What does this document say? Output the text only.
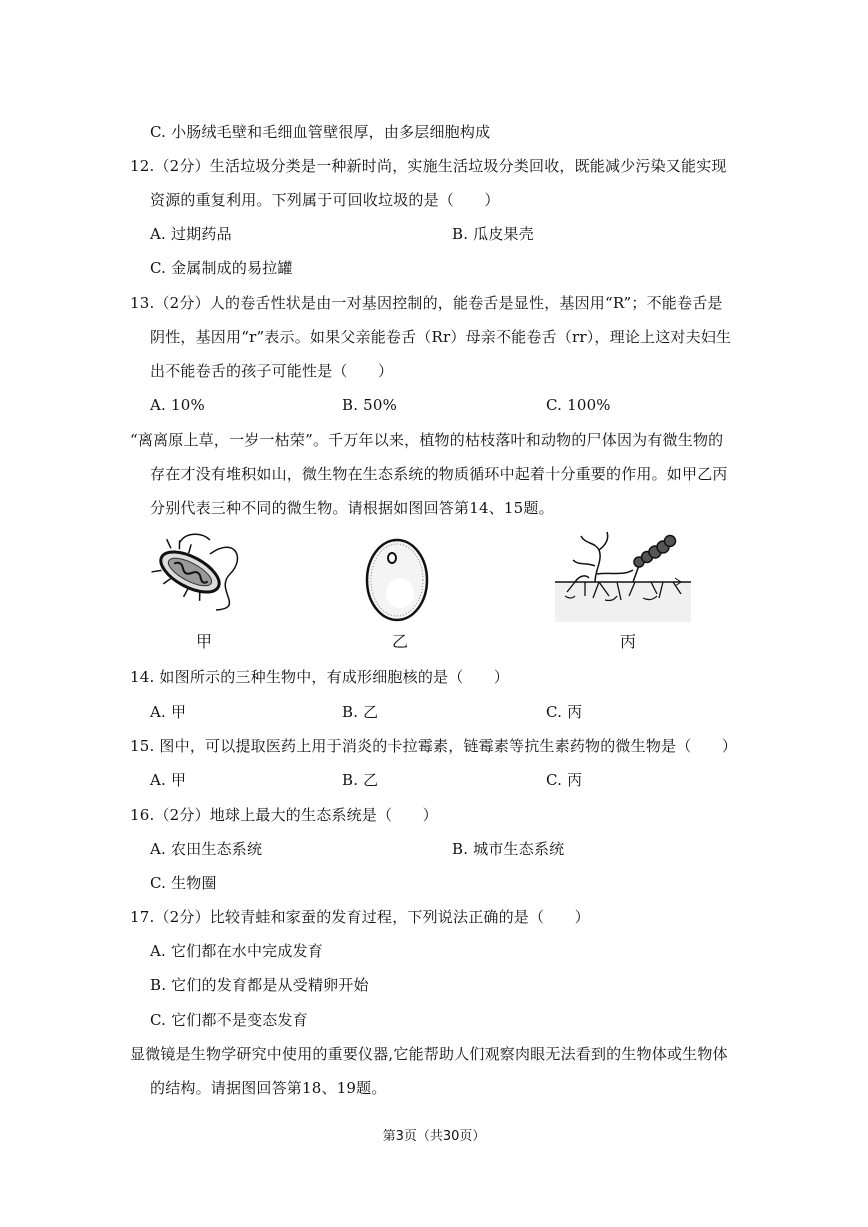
C. 小肠绒毛壁和毛细血管壁很厚，由多层细胞构成
12.（2分）生活垃圾分类是一种新时尚，实施生活垃圾分类回收，既能减少污染又能实现
资源的重复利用。下列属于可回收垃圾的是（　　）
A. 过期药品	B. 瓜皮果壳
C. 金属制成的易拉罐
13.（2分）人的卷舌性状是由一对基因控制的，能卷舌是显性，基因用“R”；不能卷舌是
阴性，基因用“r”表示。如果父亲能卷舌（Rr）母亲不能卷舌（rr），理论上这对夫妇生
出不能卷舌的孩子可能性是（　　）
A. 10%	B. 50%	C. 100%
“离离原上草，一岁一枯荣”。千万年以来，植物的枯枝落叶和动物的尸体因为有微生物的
存在才没有堆积如山，微生物在生态系统的物质循环中起着十分重要的作用。如甲乙丙
分别代表三种不同的微生物。请根据如图回答第14、15题。
甲	乙	丙
14. 如图所示的三种生物中，有成形细胞核的是（　　）
A. 甲	B. 乙	C. 丙
15. 图中，可以提取医药上用于消炎的卡拉霉素，链霉素等抗生素药物的微生物是（　　）
A. 甲	B. 乙	C. 丙
16.（2分）地球上最大的生态系统是（　　）
A. 农田生态系统	B. 城市生态系统
C. 生物圈
17.（2分）比较青蛙和家蚕的发育过程，下列说法正确的是（　　）
A. 它们都在水中完成发育
B. 它们的发育都是从受精卵开始
C. 它们都不是变态发育
显微镜是生物学研究中使用的重要仪器,它能帮助人们观察肉眼无法看到的生物体或生物体
的结构。请据图回答第18、19题。
第3页（共30页）
